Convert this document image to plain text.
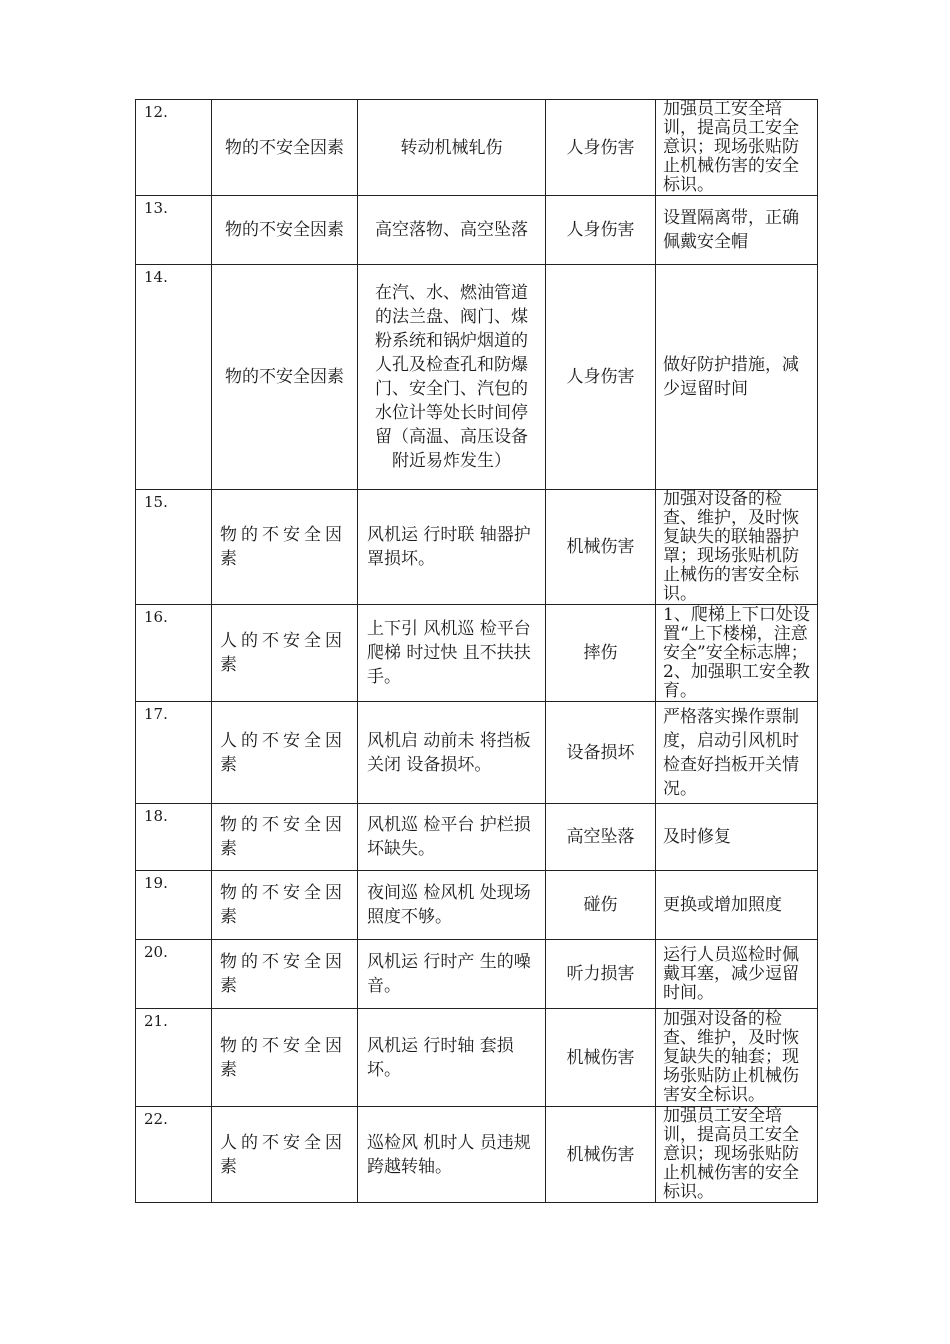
12.	物的不安全因素	转动机械轧伤	人身伤害	加强员工安全培训，提高员工安全意识；现场张贴防止机械伤害的安全标识。
13.	物的不安全因素	高空落物、高空坠落	人身伤害	设置隔离带，正确佩戴安全帽
14.	物的不安全因素	在汽、水、燃油管道的法兰盘、阀门、煤粉系统和锅炉烟道的人孔及检查孔和防爆门、安全门、汽包的水位计等处长时间停留（高温、高压设备附近易炸发生）	人身伤害	做好防护措施，减少逗留时间
15.	物的不安全因素	风机运 行时联 轴器护罩损坏。	机械伤害	加强对设备的检查、维护，及时恢复缺失的联轴器护罩；现场张贴机防止械伤的害安全标识。
16.	人的不安全因素	上下引 风机巡 检平台爬梯 时过快 且不扶扶手。	摔伤	1、爬梯上下口处设置“上下楼梯，注意安全”安全标志牌；2、加强职工安全教育。
17.	人的不安全因素	风机启 动前未 将挡板关闭 设备损坏。	设备损坏	严格落实操作票制度，启动引风机时检查好挡板开关情况。
18.	物的不安全因素	风机巡 检平台 护栏损坏缺失。	高空坠落	及时修复
19.	物的不安全因素	夜间巡 检风机 处现场照度不够。	碰伤	更换或增加照度
20.	物的不安全因素	风机运 行时产 生的噪音。	听力损害	运行人员巡检时佩戴耳塞，减少逗留时间。
21.	物的不安全因素	风机运 行时轴 套损坏。	机械伤害	加强对设备的检查、维护，及时恢复缺失的轴套；现场张贴防止机械伤害安全标识。
22.	人的不安全因素	巡检风 机时人 员违规跨越转轴。	机械伤害	加强员工安全培训，提高员工安全意识；现场张贴防止机械伤害的安全标识。
